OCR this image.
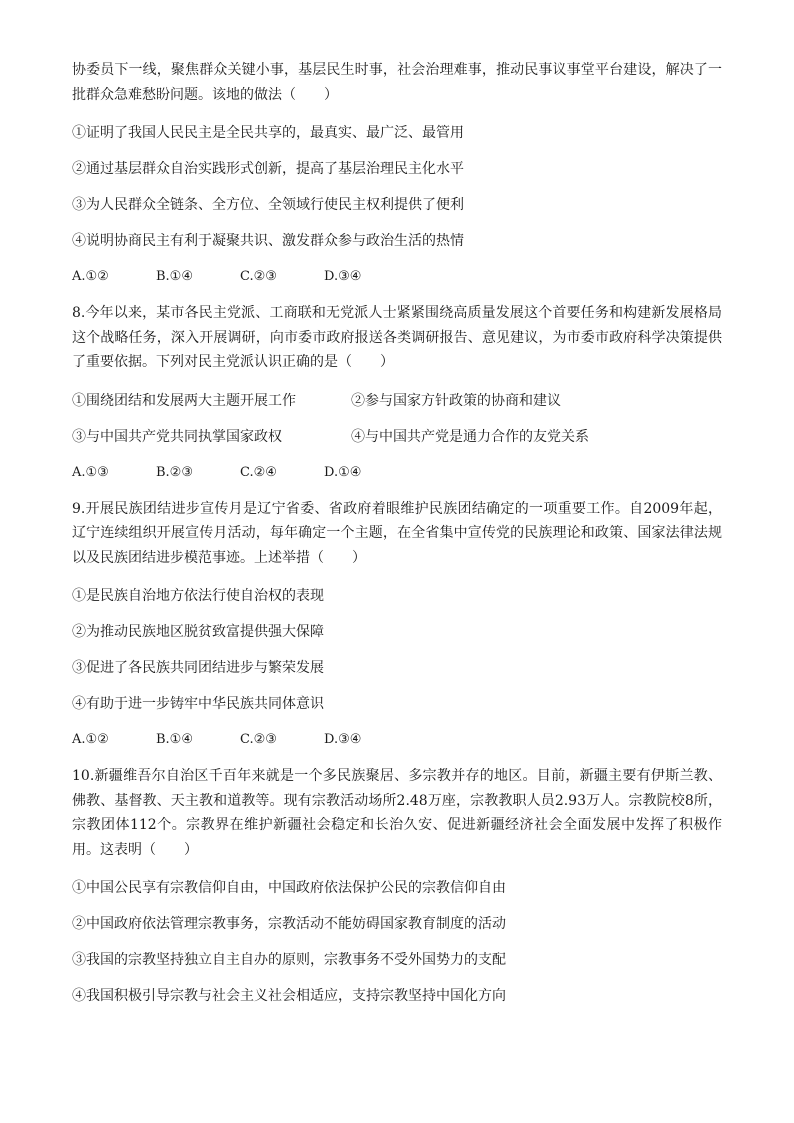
协委员下一线，聚焦群众关键小事，基层民生时事，社会治理难事，推动民事议事堂平台建设，解决了一批群众急难愁盼问题。该地的做法（　　）

①证明了我国人民民主是全民共享的，最真实、最广泛、最管用

②通过基层群众自治实践形式创新，提高了基层治理民主化水平

③为人民群众全链条、全方位、全领域行使民主权利提供了便利

④说明协商民主有利于凝聚共识、激发群众参与政治生活的热情

A.①②	B.①④	C.②③	D.③④

8.今年以来，某市各民主党派、工商联和无党派人士紧紧围绕高质量发展这个首要任务和构建新发展格局这个战略任务，深入开展调研，向市委市政府报送各类调研报告、意见建议，为市委市政府科学决策提供了重要依据。下列对民主党派认识正确的是（　　）

①围绕团结和发展两大主题开展工作	②参与国家方针政策的协商和建议
③与中国共产党共同执掌国家政权	④与中国共产党是通力合作的友党关系
A.①③	B.②③	C.②④	D.①④

9.开展民族团结进步宣传月是辽宁省委、省政府着眼维护民族团结确定的一项重要工作。自2009年起，辽宁连续组织开展宣传月活动，每年确定一个主题，在全省集中宣传党的民族理论和政策、国家法律法规以及民族团结进步模范事迹。上述举措（　　）

①是民族自治地方依法行使自治权的表现

②为推动民族地区脱贫致富提供强大保障

③促进了各民族共同团结进步与繁荣发展

④有助于进一步铸牢中华民族共同体意识

A.①②	B.①④	C.②③	D.③④

10.新疆维吾尔自治区千百年来就是一个多民族聚居、多宗教并存的地区。目前，新疆主要有伊斯兰教、佛教、基督教、天主教和道教等。现有宗教活动场所2.48万座，宗教教职人员2.93万人。宗教院校8所，宗教团体112个。宗教界在维护新疆社会稳定和长治久安、促进新疆经济社会全面发展中发挥了积极作用。这表明（　　）

①中国公民享有宗教信仰自由，中国政府依法保护公民的宗教信仰自由

②中国政府依法管理宗教事务，宗教活动不能妨碍国家教育制度的活动

③我国的宗教坚持独立自主自办的原则，宗教事务不受外国势力的支配

④我国积极引导宗教与社会主义社会相适应，支持宗教坚持中国化方向
